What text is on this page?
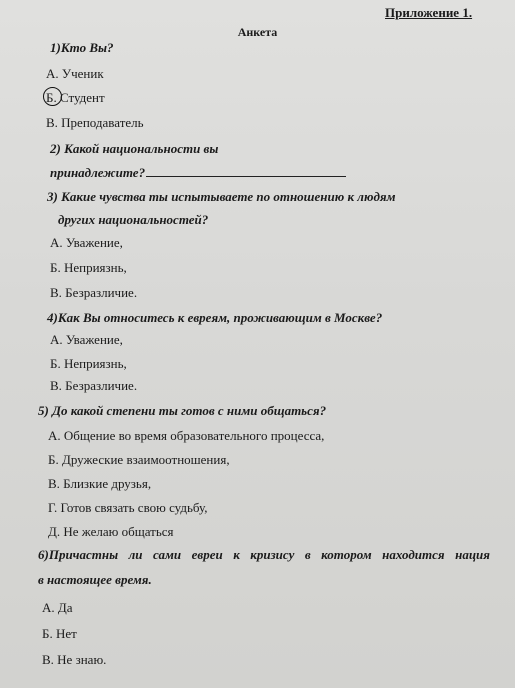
Приложение 1.
Анкета
1)Кто Вы?
А. Ученик
Б. Студент
В. Преподаватель
2) Какой национальности вы
принадлежите?
3) Какие чувства ты испытываете по отношению к людям
других национальностей?
А. Уважение,
Б. Неприязнь,
В. Безразличие.
4)Как Вы относитесь к евреям, проживающим в Москве?
А. Уважение,
Б. Неприязнь,
В. Безразличие.
5) До какой степени ты готов с ними общаться?
А. Общение во время образовательного процесса,
Б. Дружеские взаимоотношения,
В. Близкие друзья,
Г. Готов связать свою судьбу,
Д. Не желаю общаться
6)Причастны ли сами евреи к кризису в котором находится нация
в настоящее время.
А. Да
Б. Нет
В. Не знаю.
